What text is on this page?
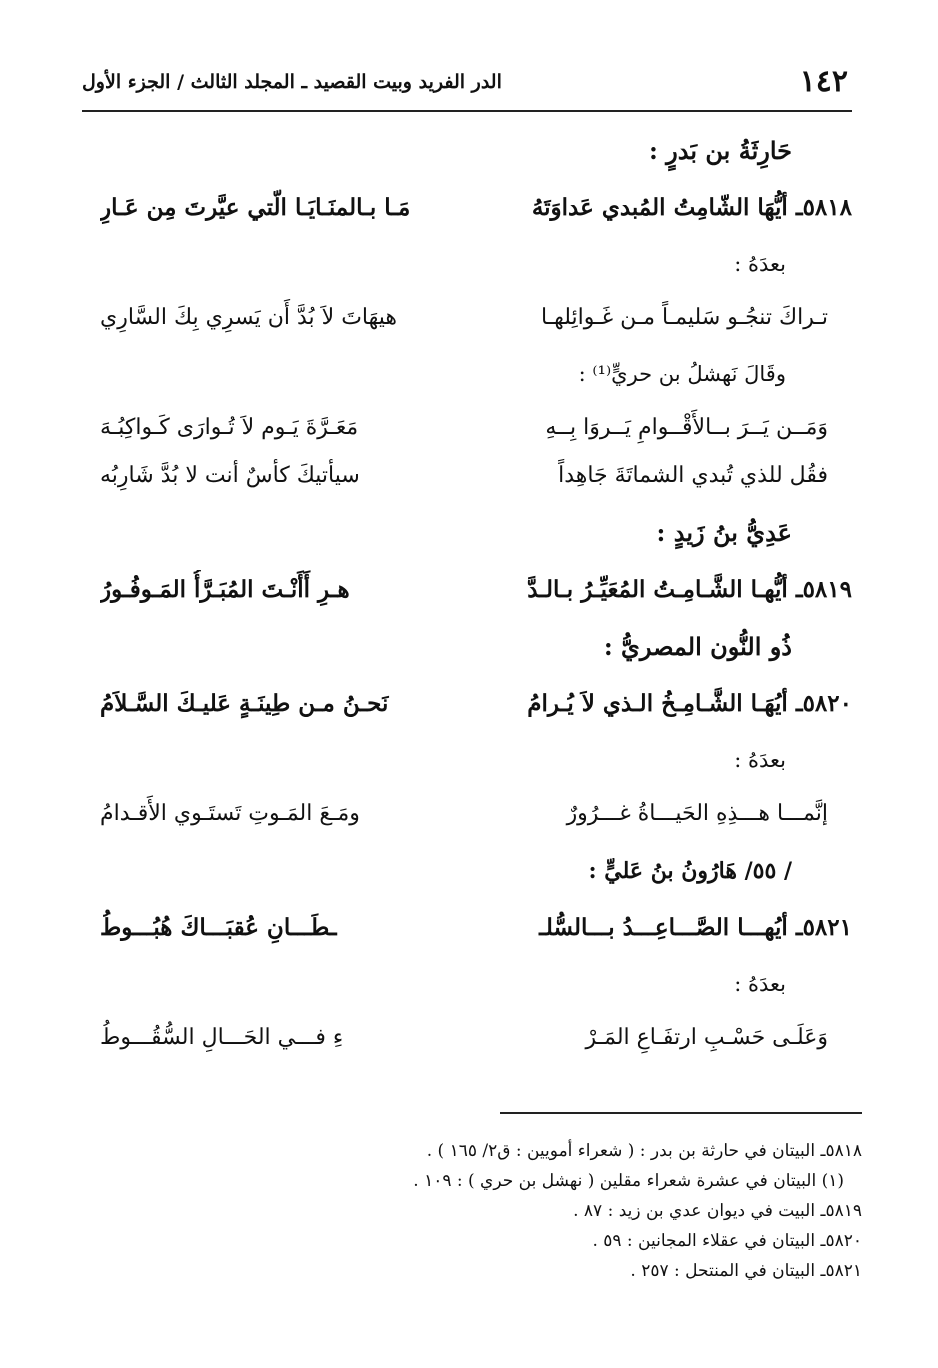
١٤٢
الدر الفريد وبيت القصيد ـ المجلد الثالث / الجزء الأول
حَارِثَةُ بن بَدرٍ :
٥٨١٨ـ أيُّهَا الشّامِتُ المُبدي عَداوَتَهُ
مَـا بـالمنَـايَـا الّتي عيَّرتَ مِن عَـارِ
بعدَهُ :
تـراكَ تنجُـو سَليمـاً مـن غَـوائِلهـا
هيهَاتَ لاَ بُدَّ أَن يَسرِي بِكَ السَّارِي
وقَالَ نَهشلُ بن حريٍّ⁽¹⁾ :
وَمَــن يَــرَ بــالأَقْــوامِ يَــروَا بِــهِ
مَعَـرَّةَ يَـوم لاَ تُـوارَى كَـواكِبُـهَ
فقُل للذي تُبدي الشماتَةَ جَاهِداً
سيأتيكَ كأسٌ أنت لا بُدَّ شَارِبُه
عَدِيُّ بنُ زَيدٍ :
٥٨١٩ـ أيُّهـا الشَّـامِـتُ المُعَيِّـرُ بـالـدَّ
هـرِ أَأَنْـتَ المُبَـرَّأُ المَـوفُـورُ
ذُو النُّون المصريُّ :
٥٨٢٠ـ أيُهَـا الشَّـامِـخُ الـذي لاَ يُـرامُ
نَحـنُ مـن طِينَـةٍ عَليـكَ السَّـلاَمُ
بعدَهُ :
إنَّمـــا هـــذِهِ الحَيـــاةُ غـــرُورٌ
ومَـعَ المَـوتِ تَستَـوي الأَقـدامُ
/ ٥٥/ هَارُونُ بنُ عَليٍّ :
٥٨٢١ـ أيُهـــا الصَّـــاعِـــدُ بـــالسُّلـ
ـطَـــانِ عُقبَـــاكَ هُبُـــوطُ
بعدَهُ :
وَعَلَـى حَسْـبِ ارتفَـاعِ المَـرْ
ءِ فـــي الحَـــالِ السُّقُـــوطُ
٥٨١٨ـ البيتان في حارثة بن بدر : ( شعراء أمويين : ق٢/ ١٦٥ ) .
(١) البيتان في عشرة شعراء مقلين ( نهشل بن حري ) : ١٠٩ .
٥٨١٩ـ البيت في ديوان عدي بن زيد : ٨٧ .
٥٨٢٠ـ البيتان في عقلاء المجانين : ٥٩ .
٥٨٢١ـ البيتان في المنتحل : ٢٥٧ .
